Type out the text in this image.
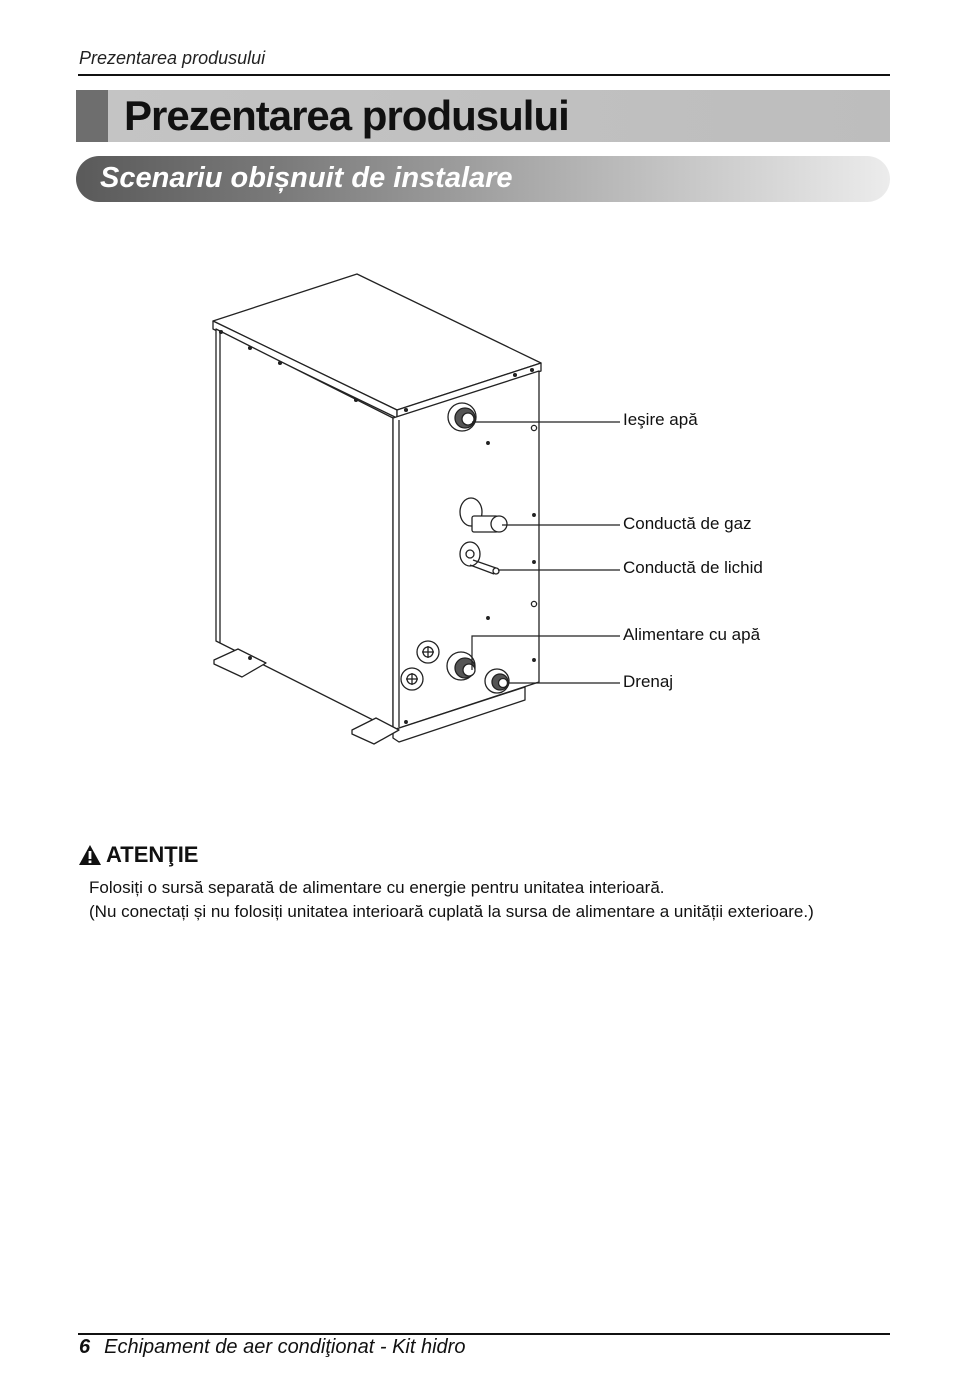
Prezentarea produsului
Prezentarea produsului
Scenariu obișnuit de instalare
Ieşire apă
Conductă de gaz
Conductă de lichid
Alimentare cu apă
Drenaj
ATENŢIE
Folosiți o sursă separată de alimentare cu energie pentru unitatea interioară.
(Nu conectați și nu folosiți unitatea interioară cuplată la sursa de alimentare a unității exterioare.)
6 Echipament de aer condiţionat - Kit hidro
